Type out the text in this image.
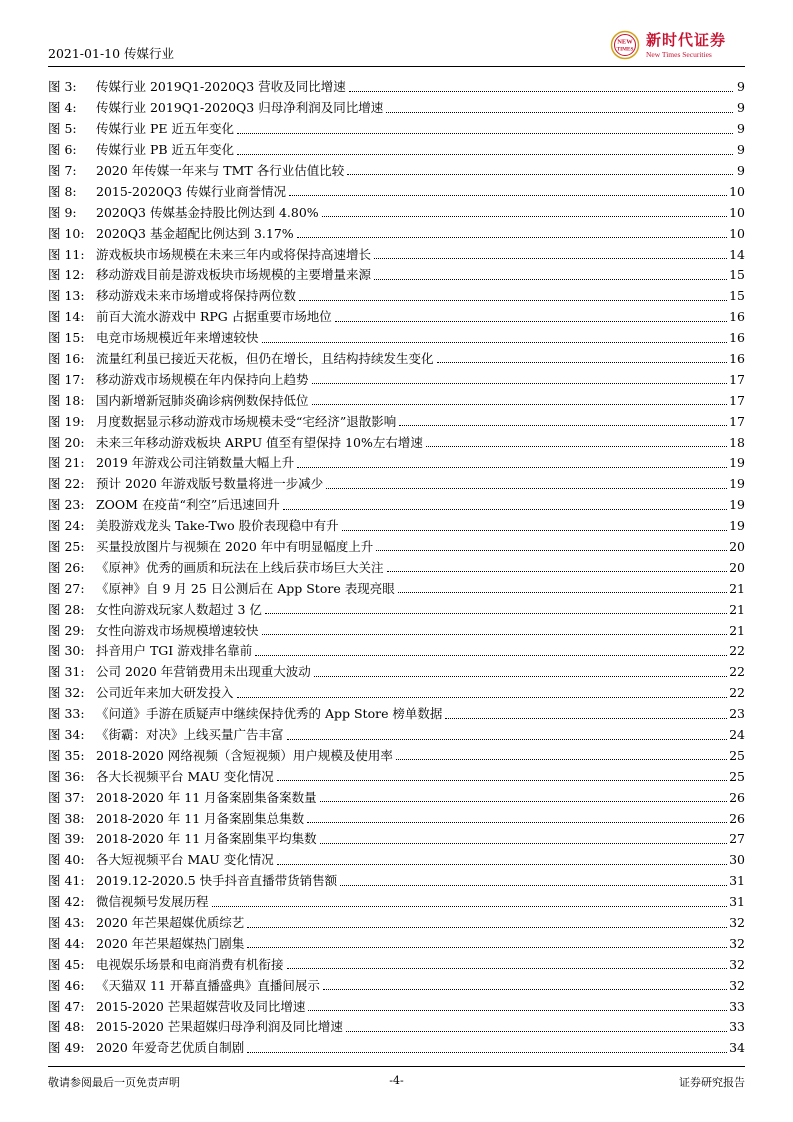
2021-01-10 传媒行业
NEW
TIMES
新时代证券
New Times Securities
图 3:	传媒行业 2019Q1-2020Q3 营收及同比增速	9
图 4:	传媒行业 2019Q1-2020Q3 归母净利润及同比增速	9
图 5:	传媒行业 PE 近五年变化	9
图 6:	传媒行业 PB 近五年变化	9
图 7:	2020 年传媒一年来与 TMT 各行业估值比较	9
图 8:	2015-2020Q3 传媒行业商誉情况	10
图 9:	2020Q3 传媒基金持股比例达到 4.80%	10
图 10: 2020Q3 基金超配比例达到 3.17%	10
图 11: 游戏板块市场规模在未来三年内或将保持高速增长	14
图 12: 移动游戏目前是游戏板块市场规模的主要增量来源	15
图 13: 移动游戏未来市场增或将保持两位数	15
图 14: 前百大流水游戏中 RPG 占据重要市场地位	16
图 15: 电竞市场规模近年来增速较快	16
图 16: 流量红利虽已接近天花板，但仍在增长，且结构持续发生变化	16
图 17: 移动游戏市场规模在年内保持向上趋势	17
图 18: 国内新增新冠肺炎确诊病例数保持低位	17
图 19: 月度数据显示移动游戏市场规模未受“宅经济”退散影响	17
图 20: 未来三年移动游戏板块 ARPU 值至有望保持 10%左右增速	18
图 21: 2019 年游戏公司注销数量大幅上升	19
图 22: 预计 2020 年游戏版号数量将进一步减少	19
图 23: ZOOM 在疫苗“利空”后迅速回升	19
图 24: 美股游戏龙头 Take-Two 股价表现稳中有升	19
图 25: 买量投放图片与视频在 2020 年中有明显幅度上升	20
图 26: 《原神》优秀的画质和玩法在上线后获市场巨大关注	20
图 27: 《原神》自 9 月 25 日公测后在 App Store 表现亮眼	21
图 28: 女性向游戏玩家人数超过 3 亿	21
图 29: 女性向游戏市场规模增速较快	21
图 30: 抖音用户 TGI 游戏排名靠前	22
图 31: 公司 2020 年营销费用未出现重大波动	22
图 32: 公司近年来加大研发投入	22
图 33: 《问道》手游在质疑声中继续保持优秀的 App Store 榜单数据	23
图 34: 《街霸：对决》上线买量广告丰富	24
图 35: 2018-2020 网络视频（含短视频）用户规模及使用率	25
图 36: 各大长视频平台 MAU 变化情况	25
图 37: 2018-2020 年 11 月备案剧集备案数量	26
图 38: 2018-2020 年 11 月备案剧集总集数	26
图 39: 2018-2020 年 11 月备案剧集平均集数	27
图 40: 各大短视频平台 MAU 变化情况	30
图 41: 2019.12-2020.5 快手抖音直播带货销售额	31
图 42: 微信视频号发展历程	31
图 43: 2020 年芒果超媒优质综艺	32
图 44: 2020 年芒果超媒热门剧集	32
图 45: 电视娱乐场景和电商消费有机衔接	32
图 46: 《天猫双 11 开幕直播盛典》直播间展示	32
图 47: 2015-2020 芒果超媒营收及同比增速	33
图 48: 2015-2020 芒果超媒归母净利润及同比增速	33
图 49: 2020 年爱奇艺优质自制剧	34
敬请参阅最后一页免责声明	-4-	证券研究报告
